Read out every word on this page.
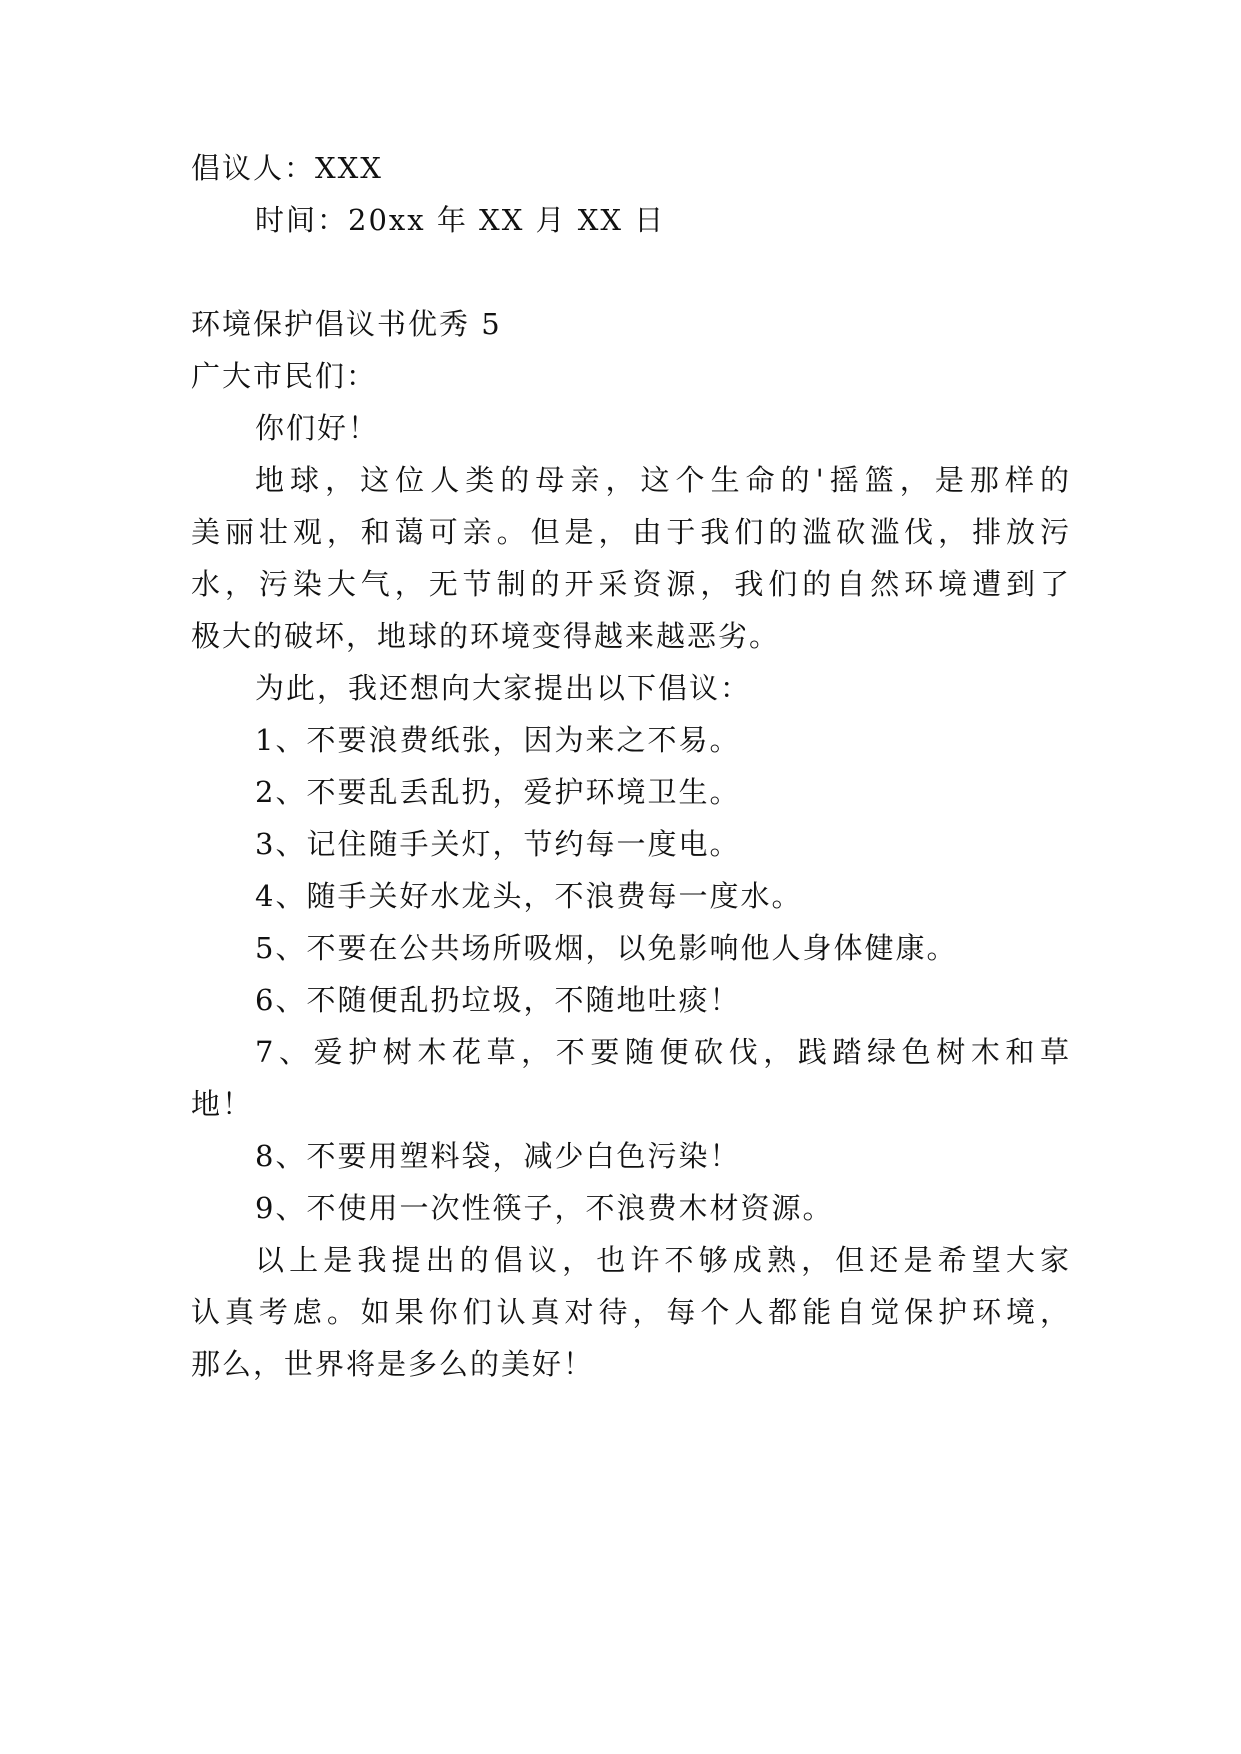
倡议人：XXX
时间：20xx 年 XX 月 XX 日
环境保护倡议书优秀 5
广大市民们：
你们好！
地球，这位人类的母亲，这个生命的'摇篮，是那样的
美丽壮观，和蔼可亲。但是，由于我们的滥砍滥伐，排放污
水，污染大气，无节制的开采资源，我们的自然环境遭到了
极大的破坏，地球的环境变得越来越恶劣。
为此，我还想向大家提出以下倡议：
1、不要浪费纸张，因为来之不易。
2、不要乱丢乱扔，爱护环境卫生。
3、记住随手关灯，节约每一度电。
4、随手关好水龙头，不浪费每一度水。
5、不要在公共场所吸烟，以免影响他人身体健康。
6、不随便乱扔垃圾，不随地吐痰！
7、爱护树木花草，不要随便砍伐，践踏绿色树木和草
地！
8、不要用塑料袋，减少白色污染！
9、不使用一次性筷子，不浪费木材资源。
以上是我提出的倡议，也许不够成熟，但还是希望大家
认真考虑。如果你们认真对待，每个人都能自觉保护环境，
那么，世界将是多么的美好！
